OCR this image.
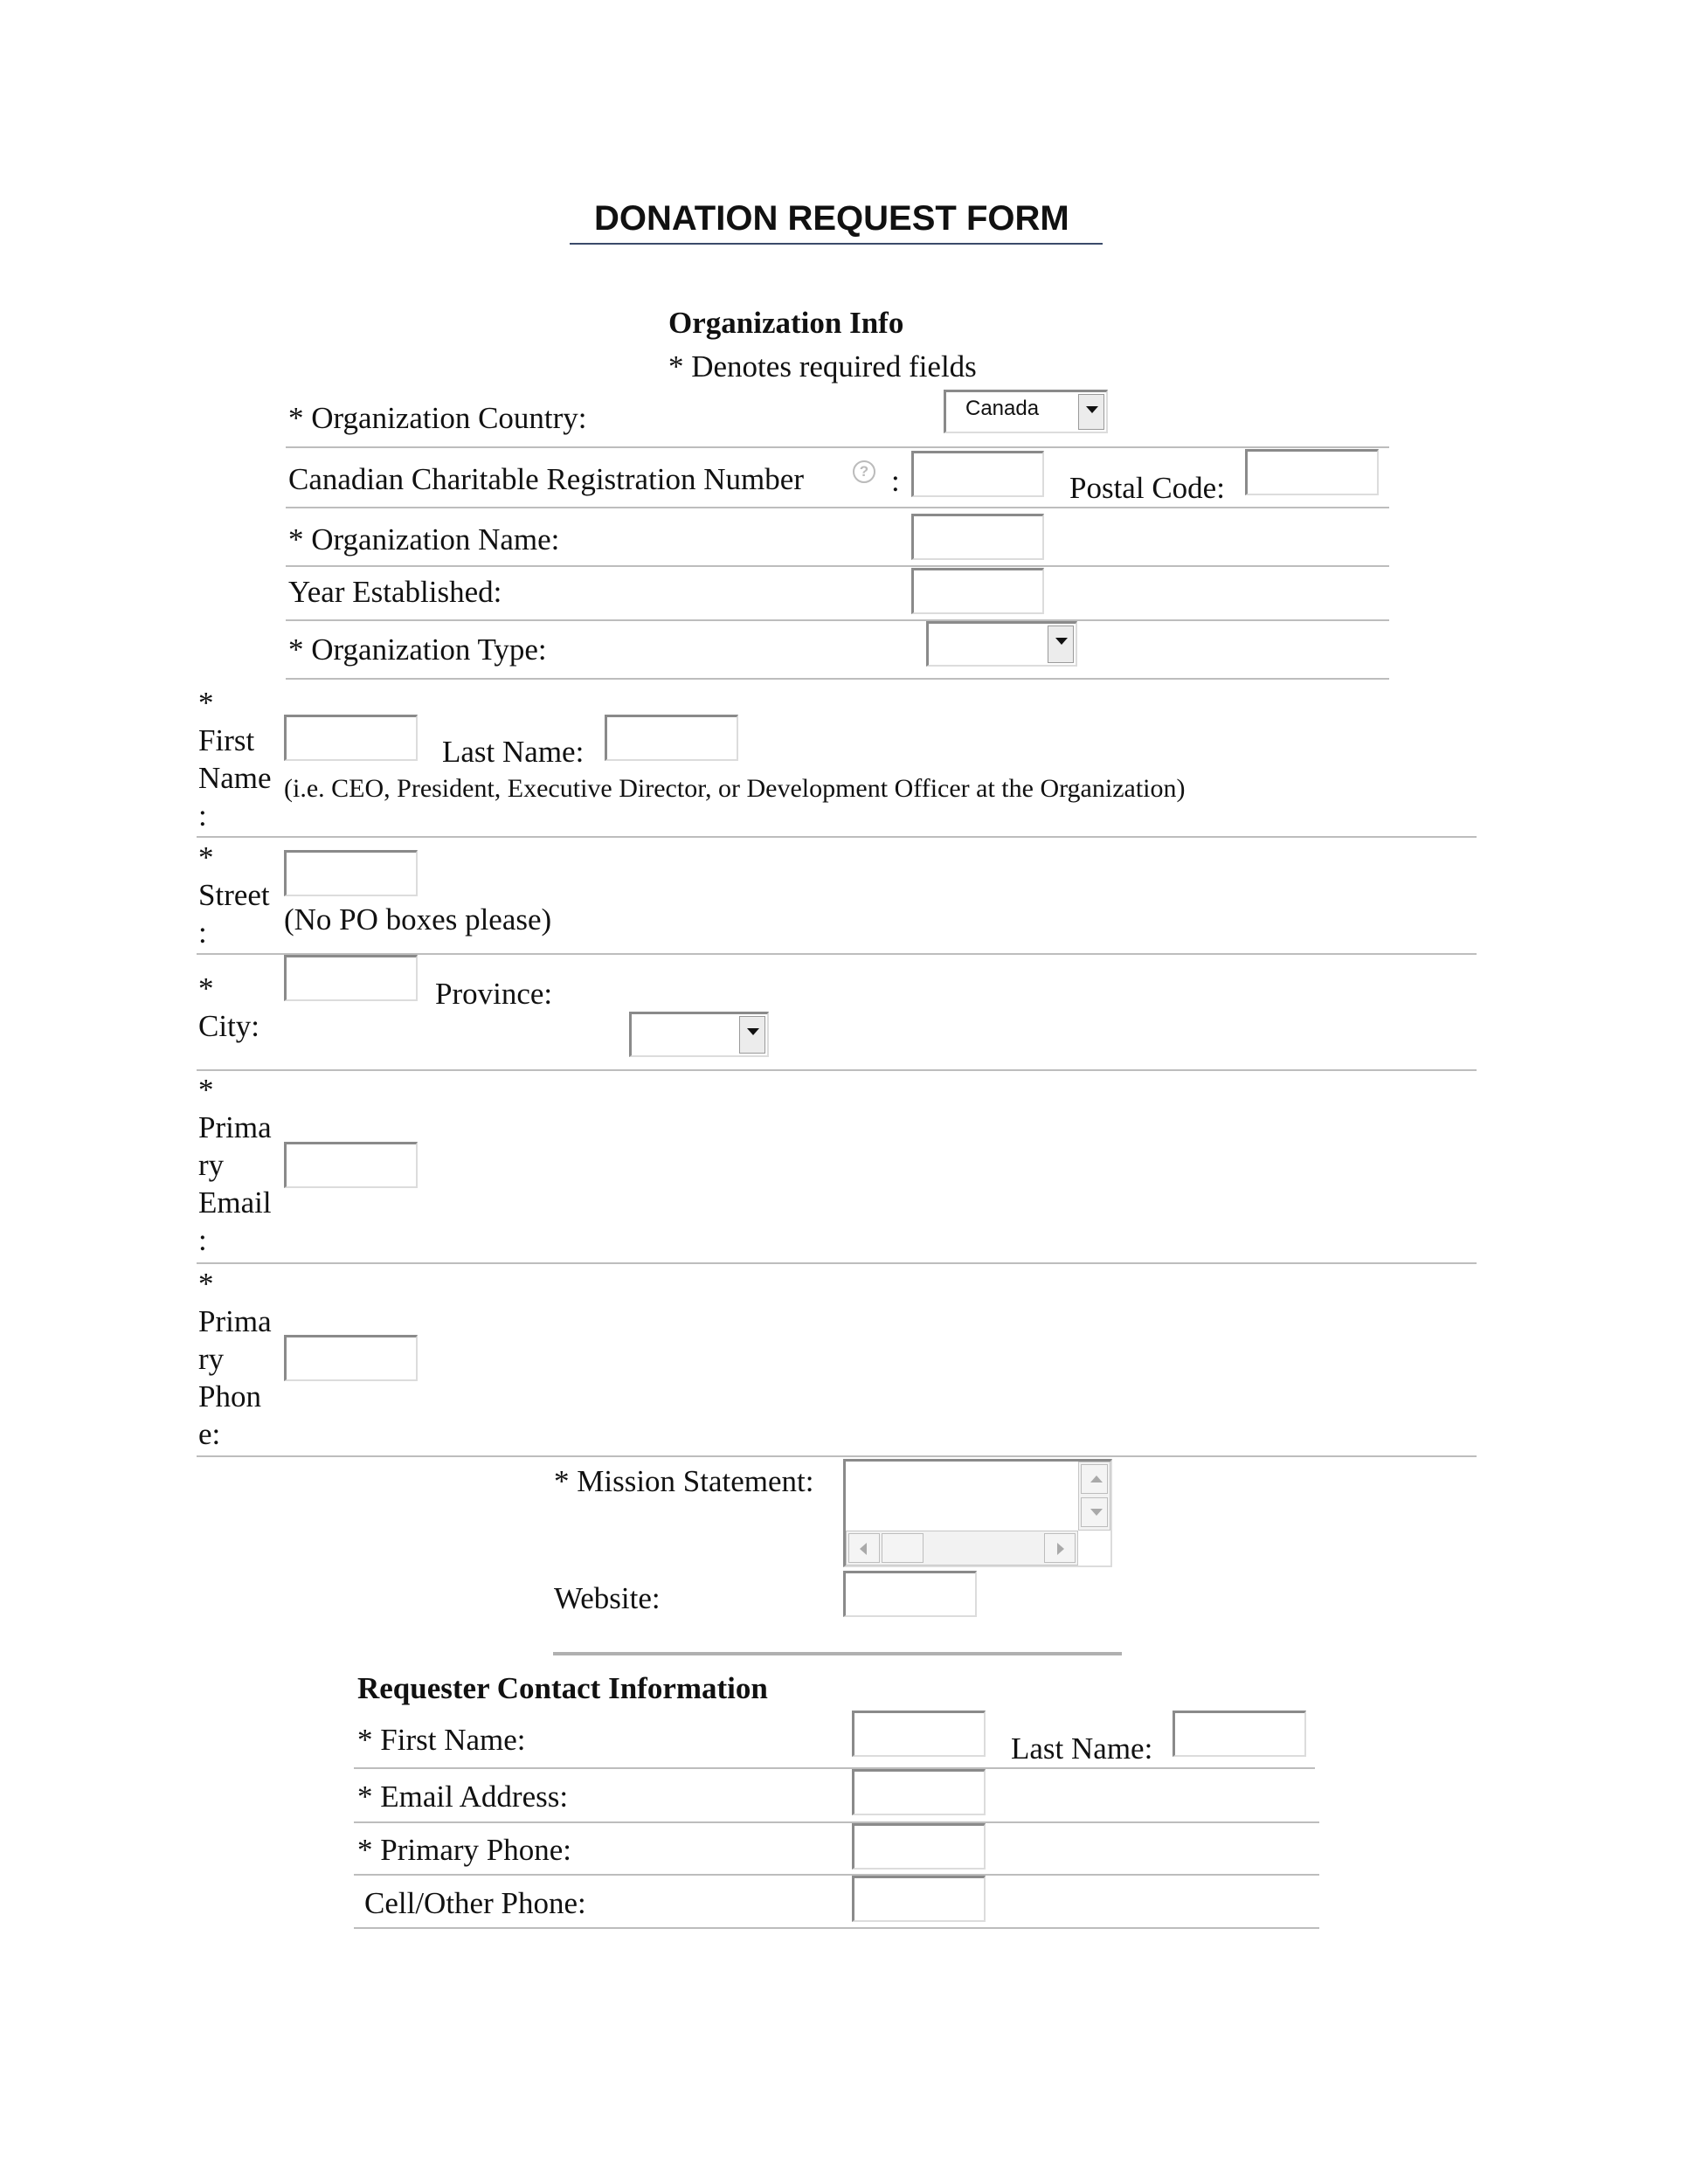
DONATION REQUEST FORM
Organization Info
* Denotes required fields
* Organization Country:	Canada
Canadian Charitable Registration Number	? :	Postal Code:
* Organization Name:
Year Established:
* Organization Type:
*
First
Name
:
Last Name:
(i.e. CEO, President, Executive Director, or Development Officer at the Organization)
*
Street
:	(No PO boxes please)
*
City:
Province:
*
Prima
ry
Email
:
*
Prima
ry
Phon
e:
* Mission Statement:
Website:
Requester Contact Information
* First Name:	Last Name:
* Email Address:
* Primary Phone:
Cell/Other Phone:
